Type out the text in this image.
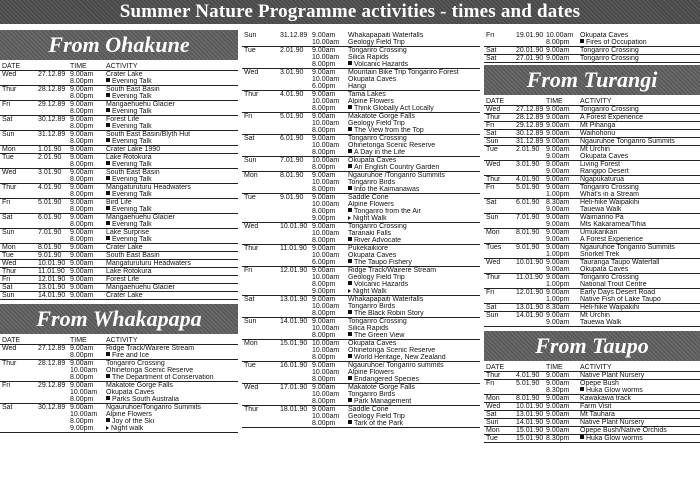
Summer Nature Programme activities - times and dates
From Ohakune
DATE		TIME	ACTIVITY
Wed	27.12.89	9.00am	Crater Lake
		8.00pm	Evening Talk
Thur	28.12.89	9.00am	South East Basin
		8.00pm	Evening Talk
Fri	29.12.89	9.00am	Mangaehuehu Glacier
		8.00pm	Evening Talk
Sat	30.12.89	9.00am	Forest Life
		8.00pm	Evening Talk
Sun	31.12.89	9.00am	South East Basin/Blyth Hut
		8.00pm	Evening Talk
Mon	1.01.90	9.00am	Crater Lake 1990
Tue	2.01.90	9.00am	Lake Rotokura
		8.00pm	Evening Talk
Wed	3.01.90	9.00am	South East Basin
		8.00pm	Evening Talk
Thur	4.01.90	9.00am	Mangaturuturu Headwaters
		8.00pm	Evening Talk
Fri	5.01.90	9.00am	Bird Life
		8.00pm	Evening Talk
Sat	6.01.90	9.00am	Mangaehuehu Glacier
		8.00pm	Evening Talk
Sun	7.01.90	9.00am	Lake Surprise
		8.00pm	Evening Talk
Mon	8.01.90	9.00am	Crater Lake
Tue	9.01.90	9.00am	South East Basin
Wed	10.01.90	9.00am	Mangaturuturu Headwaters
Thur	11.01.90	9.00am	Lake Rotokura
Fri	12.01.90	9.00am	Forest Life
Sat	13.01.90	9.00am	Mangaehuehu Glacier
Sun	14.01.90	9.00am	Crater Lake
From Whakapapa
DATE		TIME	ACTIVITY
Wed	27.12.89	9.00am	Ridge Track/Wairere Stream
		8.00pm	Fire and Ice
Thur	28.12.89	9.00am	Tongariro Crossing
		10.00am	Ohinetonga Scenic Reserve
		8.00pm	The Department of Conservation
Fri	29.12.89	9.00am	Makatote Gorge Falls
		10.00am	Okupata Caves
		8.00pm	Parks South Australia
Sat	30.12.89	9.00am	Ngauruhoe/Tongariro Summits
		10.00am	Alpine Flowers
		8.00pm	Joy of the Ski
		9.00pm	Night walk
Sun	31.12.89	9.00am	Whakapapaiti Waterfalls
		10.00am	Geology Field Trip
Tue	2.01.90	9.00am	Tongariro Crossing
		10.00am	Silica Rapids
		8.00pm	Volcanic Hazards
Wed	3.01.90	9.00am	Mountain Bike Trip Tongariro Forest
		10.00am	Okupata Caves
		6.00pm	Hangi
Thur	4.01.90	9.00am	Tama Lakes
		10.00am	Alpine Flowers
		8.00pm	Think Globally Act Locally
Fri	5.01.90	9.00am	Makatote Gorge Falls
		10.00am	Geology Field Trip
		8.00pm	The View from the Top
Sat	6.01.90	9.00am	Tongariro Crossing
		10.00am	Ohinetonga Scenic Reserve
		8.00pm	A Day in the Life
Sun	7.01.90	10.00am	Okupata Caves
		8.00pm	An English Country Garden
Mon	8.01.90	9.00am	Ngauruhoe /Tongariro Summits
		10.00am	Tongariro Birds
		8.00pm	Into the Kaimanawas
Tue	9.01.90	9.00am	Saddle Cone
		10.00am	Alpine Flowers
		8.00pm	Tongariro from the Air
		9.00pm	Night Walk
Wed	10.01.90	9.00am	Tongariro Crossing
		10.00am	Taranaki Falls
		8.00pm	River Advocate
Thur	11.01.90	9.00am	Pukekaikiore
		10.00am	Okupata Caves
		6.00pm	The Taupo Fishery
Fri	12.01.90	9.00am	Ridge Track/Wairere Stream
		10.00am	Geology Field Trip
		8.00pm	Volcanic Hazards
		9.00pm	Night Walk
Sat	13.01.90	9.00am	Whakapapaiti Waterfalls
		10.00am	Tongariro Birds
		8.00pm	The Black Robin Story
Sun	14.01.90	9.00am	Tongariro Crossing
		10.00am	Silica Rapids
		8.00pm	The Green View
Mon	15.01.90	10.00am	Okupata Caves
		10.00am	Ohinetonga Scenic Reserve
		8.00pm	World Heritage, New Zealand
Tue	16.01.90	9.00am	Ngauruhoe/ Tongariro summits
		10.00am	Alpine Flowers
		8.00pm	Endangered Species
Wed	17.01.90	9.00am	Makatote Gorge Falls
		10.00am	Tongariro Birds
		8.00pm	Park Management
Thur	18.01.90	9.00am	Saddle Cone
		10.00am	Geology Field Trip
		8.00pm	Tark of the Park
Fri	19.01.90	10.00am	Okupata Caves
		8.00pm	Fires of Occupation
Sat	20.01.90	9.00am	Tongariro Crossing
Sat	27.01.90	9.00am	Tongariro Crossing
From Turangi
DATE		TIME	ACTIVITY
Wed	27.12.89	9.00am	Tongariro Crossing
Thur	28.12.89	9.00am	A Forest Experience
Fri	29.12.89	9.00am	Mt Pihanga
Sat	30.12.89	9.00am	Waihohonu
Sun	31.12.89	9.00am	Ngauruhoe Tongariro Summits
Tue	2.01.90	9.00am	Mt Urchin
		9.00am	Okupata Caves
Wed	3.01.90	9.00am	Living Forest
		9.00am	Rangipo Desert
Thur	4.01.90	9.00am	Ngapukaturua
Fri	5.01.90	9.00am	Tongariro Crossing
		1.00pm	What's in a Stream
Sat	6.01.90	8.30am	Heli-hike Waipakihi
		9.00am	Tauewa Walk
Sun	7.01.90	9.00am	Waimarino Pa
		9.00am	Mts Kakaramea/Tihia
Mon	8.01.90	9.00am	Umukarikari
		9.00am	A Forest Experience
Tues	9.01.90	9.00am	Ngauruhoe Tongariro Summits
		1.00pm	Snorkel Trek
Wed	10.01.90	9.00am	Tauranga Taupo Waterfall
		9.00am	Okupata Caves
Thur	11.01.90	9.00am	Tongariro Crossing
		1.00pm	National Trout Centre
Fri	12.01.90	9.00am	Early Days Desert Road
		1.00pm	Native Fish of Lake Taupo
Sat	13.01.90	8.30am	Heli-hike Waipakihi
Sun	14.01.90	9.00am	Mt Urchin
		9.00am	Tauewa Walk
From Taupo
DATE		TIME	ACTIVITY
Thur	4.01.90	9.00am	Native Plant Nursery
Fri	5.01.90	9.00am	Opepe Bush
		8.30pm	Huka Glow worms
Mon	8.01.90	9.00am	Kawakawa track
Wed	10.01.90	9.00am	Farm Visit
Sat	13.01.90	9.00am	Mt Tauhara
Sun	14.01.90	9.00am	Native Plant Nursery
Mon	15.01.90	9.00am	Opepe Bush/Native Orchids
Tue	15.01.90	8.30pm	Huka Glow worms
